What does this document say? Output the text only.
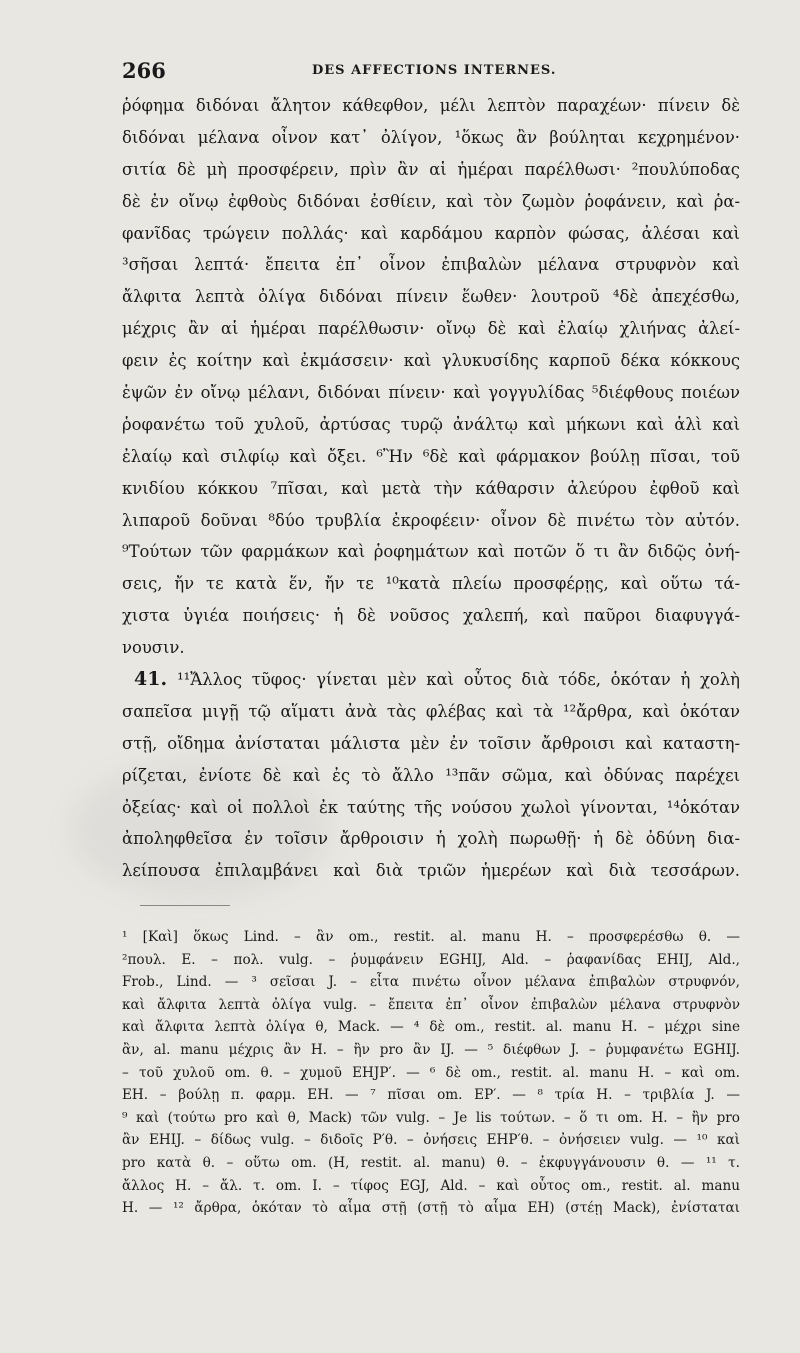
266	DES AFFECTIONS INTERNES.
ῥόφημα διδόναι ἄλητον κάθεφθον, μέλι λεπτὸν παραχέων· πίνειν δὲ
διδόναι μέλανα οἶνον κατ᾽ ὀλίγον, ¹ὅκως ἂν βούληται κεχρημένον·
σιτία δὲ μὴ προσφέρειν, πρὶν ἂν αἱ ἡμέραι παρέλθωσι· ²πουλύποδας
δὲ ἐν οἴνῳ ἐφθοὺς διδόναι ἐσθίειν, καὶ τὸν ζωμὸν ῥοφάνειν, καὶ ῥα-
φανῖδας τρώγειν πολλάς· καὶ καρδάμου καρπὸν φώσας, ἀλέσαι καὶ
³σῆσαι λεπτά· ἔπειτα ἐπ᾽ οἶνον ἐπιβαλὼν μέλανα στρυφνὸν καὶ
ἄλφιτα λεπτὰ ὀλίγα διδόναι πίνειν ἕωθεν· λουτροῦ ⁴δὲ ἀπεχέσθω,
μέχρις ἂν αἱ ἡμέραι παρέλθωσιν· οἴνῳ δὲ καὶ ἐλαίῳ χλιήνας ἀλεί-
φειν ἐς κοίτην καὶ ἐκμάσσειν· καὶ γλυκυσίδης καρποῦ δέκα κόκκους
ἑψῶν ἐν οἴνῳ μέλανι, διδόναι πίνειν· καὶ γογγυλίδας ⁵διέφθους ποιέων
ῥοφανέτω τοῦ χυλοῦ, ἀρτύσας τυρῷ ἀνάλτῳ καὶ μήκωνι καὶ ἁλὶ καὶ
ἐλαίῳ καὶ σιλφίῳ καὶ ὄξει. ⁶Ἢν ⁶δὲ καὶ φάρμακον βούλῃ πῖσαι, τοῦ
κνιδίου κόκκου ⁷πῖσαι, καὶ μετὰ τὴν κάθαρσιν ἀλεύρου ἐφθοῦ καὶ
λιπαροῦ δοῦναι ⁸δύο τρυβλία ἐκροφέειν· οἶνον δὲ πινέτω τὸν αὐτόν.
⁹Τούτων τῶν φαρμάκων καὶ ῥοφημάτων καὶ ποτῶν ὅ τι ἂν διδῷς ὀνή-
σεις, ἤν τε κατὰ ἕν, ἤν τε ¹⁰κατὰ πλείω προσφέρῃς, καὶ οὕτω τά-
χιστα ὑγιέα ποιήσεις· ἡ δὲ νοῦσος χαλεπή, καὶ παῦροι διαφυγγά-
νουσιν.
41. ¹¹Ἄλλος τῦφος· γίνεται μὲν καὶ οὗτος διὰ τόδε, ὁκόταν ἡ χολὴ
σαπεῖσα μιγῇ τῷ αἵματι ἀνὰ τὰς φλέβας καὶ τὰ ¹²ἄρθρα, καὶ ὁκόταν
στῇ, οἴδημα ἀνίσταται μάλιστα μὲν ἐν τοῖσιν ἄρθροισι καὶ καταστη-
ρίζεται, ἐνίοτε δὲ καὶ ἐς τὸ ἄλλο ¹³πᾶν σῶμα, καὶ ὀδύνας παρέχει
ὀξείας· καὶ οἱ πολλοὶ ἐκ ταύτης τῆς νούσου χωλοὶ γίνονται, ¹⁴ὁκόταν
ἀποληφθεῖσα ἐν τοῖσιν ἄρθροισιν ἡ χολὴ πωρωθῇ· ἡ δὲ ὀδύνη δια-
λείπουσα ἐπιλαμβάνει καὶ διὰ τριῶν ἡμερέων καὶ διὰ τεσσάρων.
¹ [Καὶ] ὅκως Lind. – ἂν om., restit. al. manu H. – προσφερέσθω θ. —
²πουλ. E. – πολ. vulg. – ῥυμφάνειν EGHIJ, Ald. – ῥαφανίδας EHIJ, Ald.,
Frob., Lind. — ³ σεῖσαι J. – εἶτα πινέτω οἶνον μέλανα ἐπιβαλὼν στρυφνόν,
καὶ ἄλφιτα λεπτὰ ὀλίγα vulg. – ἔπειτα ἐπ᾽ οἶνον ἐπιβαλὼν μέλανα στρυφνὸν
καὶ ἄλφιτα λεπτὰ ὀλίγα θ, Mack. — ⁴ δὲ om., restit. al. manu H. – μέχρι sine
ἂν, al. manu μέχρις ἂν H. – ἢν pro ἂν IJ. — ⁵ διέφθων J. – ῥυμφανέτω EGHIJ.
– τοῦ χυλοῦ om. θ. – χυμοῦ EHJP′. — ⁶ δὲ om., restit. al. manu H. – καὶ om.
EH. – βούλῃ π. φαρμ. EH. — ⁷ πῖσαι om. EP′. — ⁸ τρία H. – τριβλία J. —
⁹ καὶ (τούτω pro καὶ θ, Mack) τῶν vulg. – Je lis τούτων. – ὅ τι om. H. – ἢν pro
ἂν EHIJ. – δίδως vulg. – διδοῖς P′θ. – ὀνήσεις EHP′θ. – ὀνήσειεν vulg. — ¹⁰ καὶ
pro κατὰ θ. – οὕτω om. (H, restit. al. manu) θ. – ἐκφυγγάνουσιν θ. — ¹¹ τ.
ἄλλος H. – ἄλ. τ. om. I. – τίφος EGJ, Ald. – καὶ οὗτος om., restit. al. manu
H. — ¹² ἄρθρα, ὁκόταν τὸ αἷμα στῇ (στῇ τὸ αἷμα EH) (στέῃ Mack), ἐνίσταται
